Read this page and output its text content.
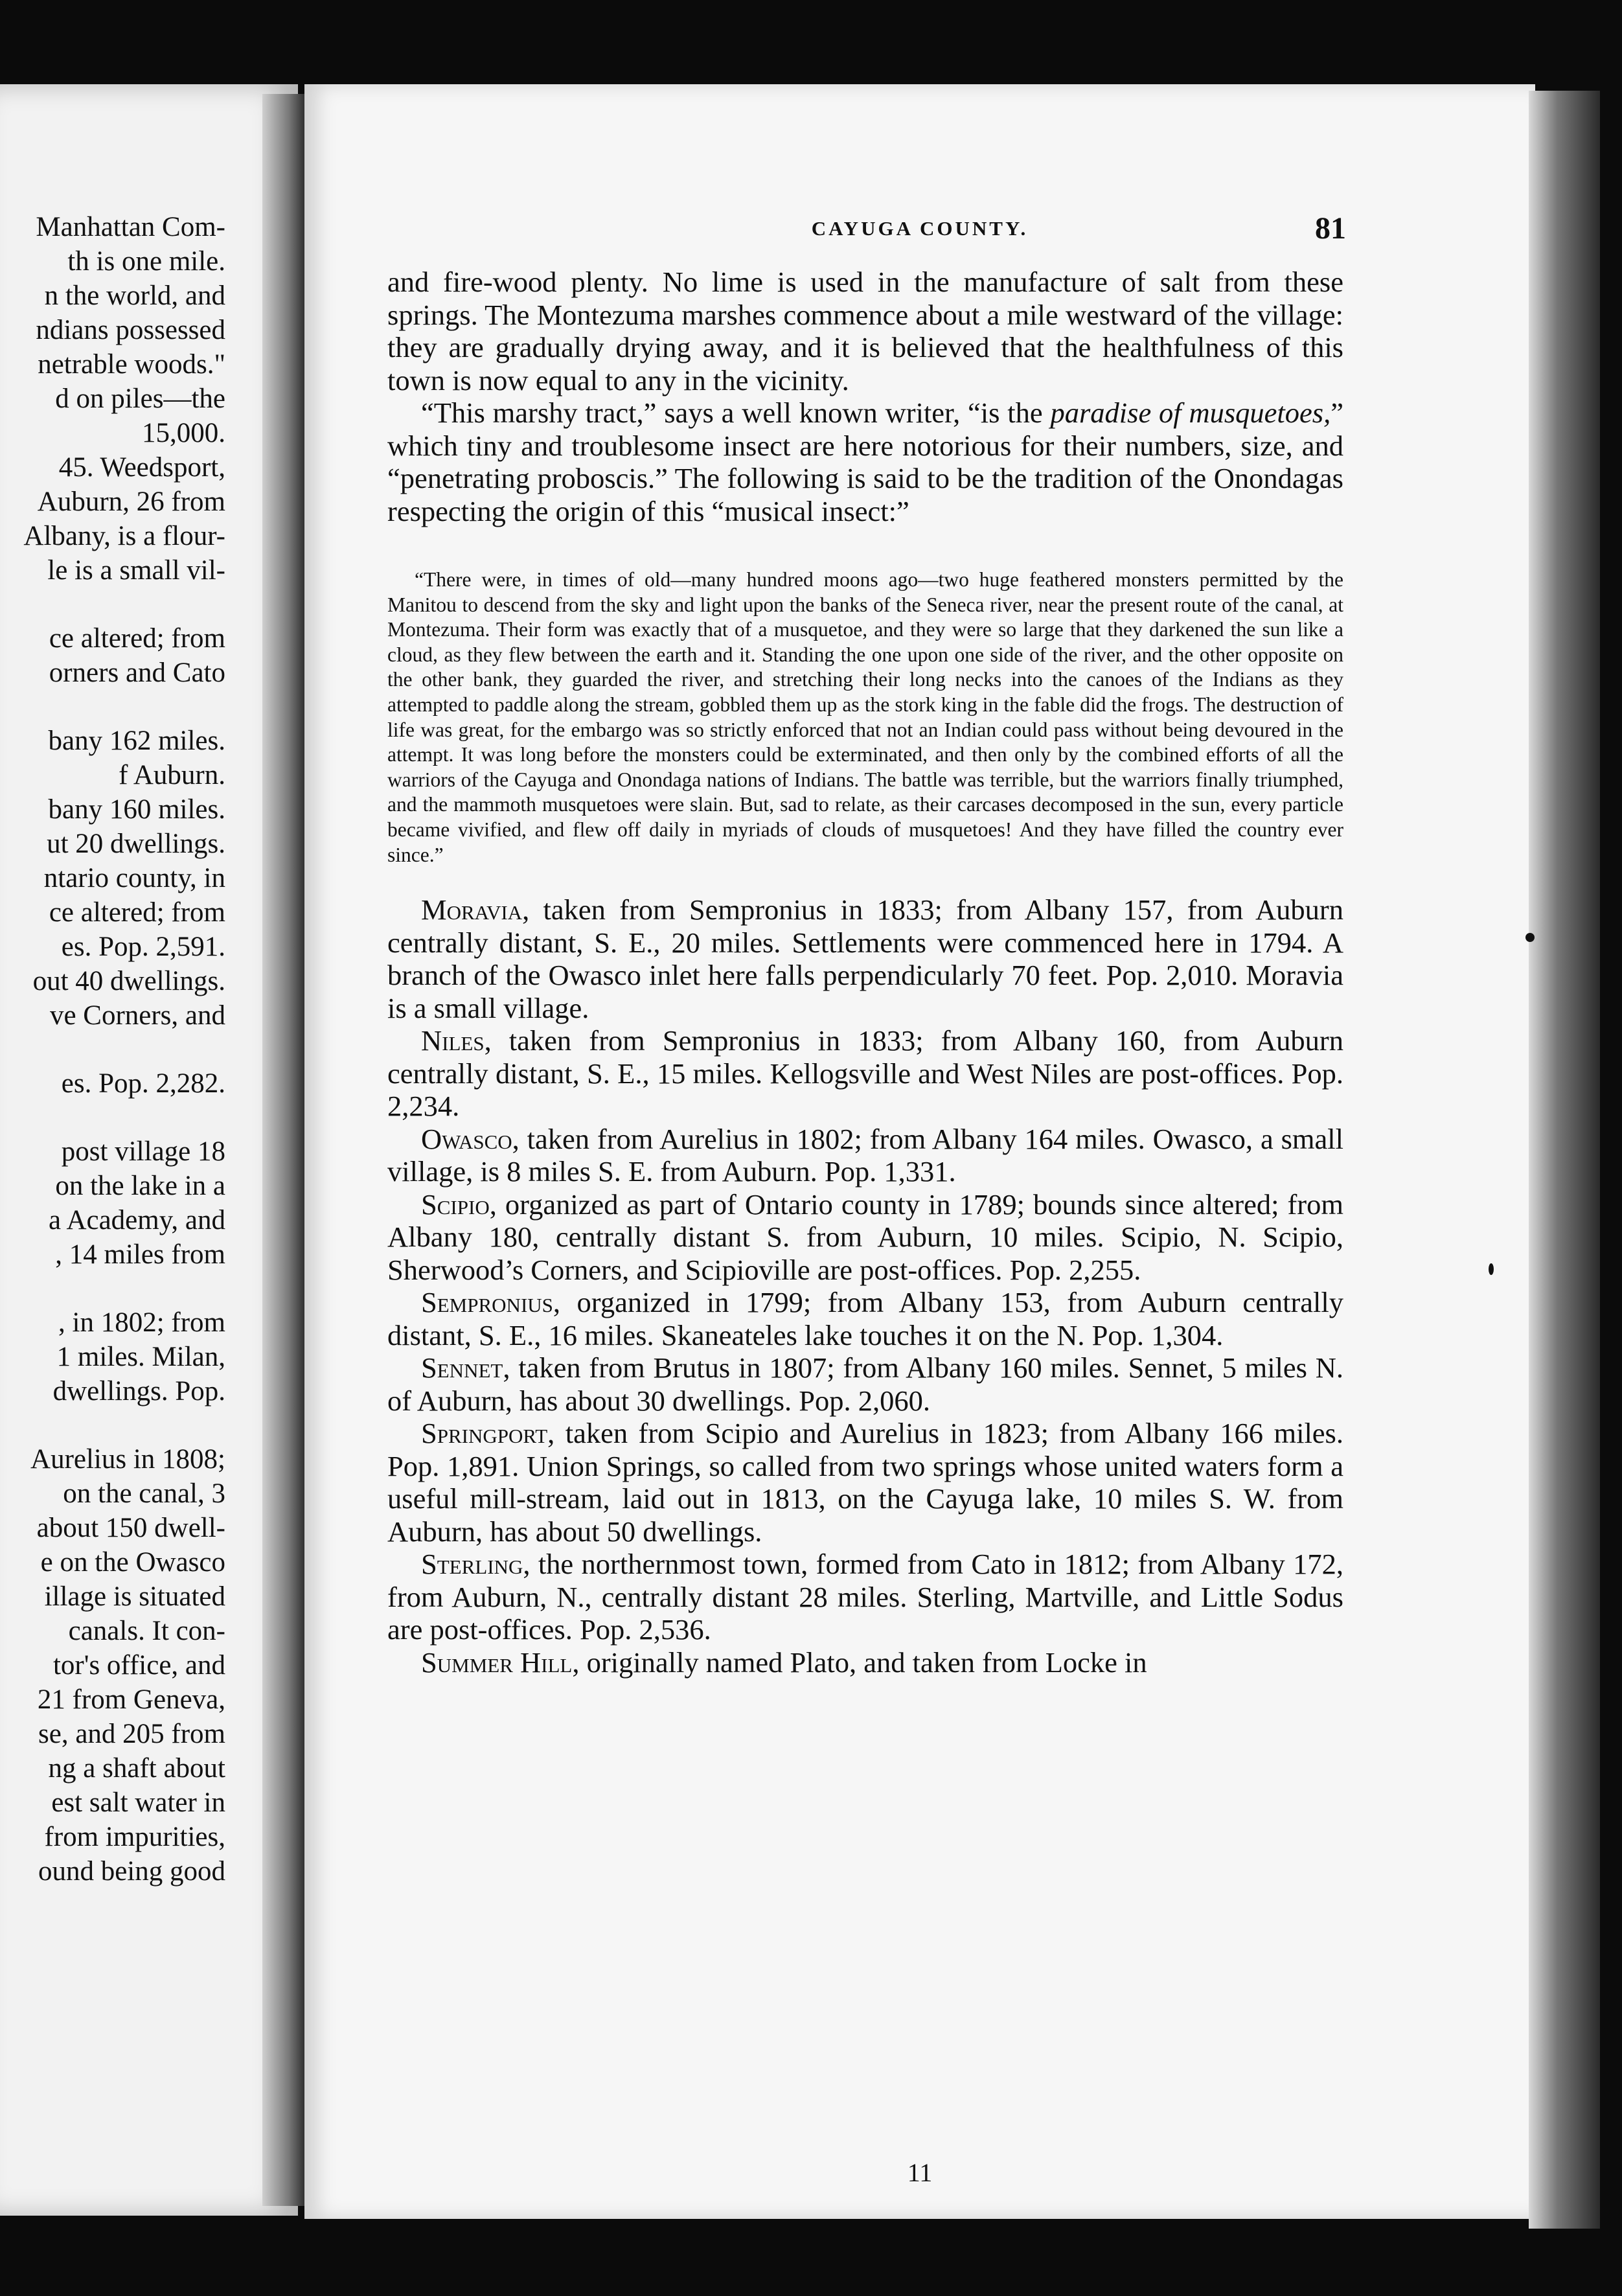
Manhattan Com-
th is one mile.
n the world, and
ndians possessed
netrable woods."
d on piles—the
15,000.
45. Weedsport,
Auburn, 26 from
Albany, is a flour-
le is a small vil-
ce altered; from
orners and Cato
bany 162 miles.
f Auburn.
bany 160 miles.
ut 20 dwellings.
ntario county, in
ce altered; from
es. Pop. 2,591.
out 40 dwellings.
ve Corners, and
es. Pop. 2,282.
post village 18
on the lake in a
a Academy, and
, 14 miles from
, in 1802; from
1 miles. Milan,
dwellings. Pop.
Aurelius in 1808;
on the canal, 3
about 150 dwell-
e on the Owasco
illage is situated
canals. It con-
tor's office, and
21 from Geneva,
se, and 205 from
ng a shaft about
est salt water in
from impurities,
ound being good
CAYUGA COUNTY.	81

and fire-wood plenty. No lime is used in the manufacture of salt from these springs. The Montezuma marshes commence about a mile westward of the village: they are gradually drying away, and it is believed that the healthfulness of this town is now equal to any in the vicinity.

“This marshy tract,” says a well known writer, “is the paradise of musquetoes,” which tiny and troublesome insect are here notorious for their numbers, size, and “penetrating proboscis.” The following is said to be the tradition of the Onondagas respecting the origin of this “musical insect:”

“There were, in times of old—many hundred moons ago—two huge feathered monsters permitted by the Manitou to descend from the sky and light upon the banks of the Seneca river, near the present route of the canal, at Montezuma. Their form was exactly that of a musquetoe, and they were so large that they darkened the sun like a cloud, as they flew between the earth and it. Standing the one upon one side of the river, and the other opposite on the other bank, they guarded the river, and stretching their long necks into the canoes of the Indians as they attempted to paddle along the stream, gobbled them up as the stork king in the fable did the frogs. The destruction of life was great, for the embargo was so strictly enforced that not an Indian could pass without being devoured in the attempt. It was long before the monsters could be exterminated, and then only by the combined efforts of all the warriors of the Cayuga and Onondaga nations of Indians. The battle was terrible, but the warriors finally triumphed, and the mammoth musquetoes were slain. But, sad to relate, as their carcases decomposed in the sun, every particle became vivified, and flew off daily in myriads of clouds of musquetoes! And they have filled the country ever since.”

Moravia, taken from Sempronius in 1833; from Albany 157, from Auburn centrally distant, S. E., 20 miles. Settlements were commenced here in 1794. A branch of the Owasco inlet here falls perpendicularly 70 feet. Pop. 2,010. Moravia is a small village.

Niles, taken from Sempronius in 1833; from Albany 160, from Auburn centrally distant, S. E., 15 miles. Kellogsville and West Niles are post-offices. Pop. 2,234.

Owasco, taken from Aurelius in 1802; from Albany 164 miles. Owasco, a small village, is 8 miles S. E. from Auburn. Pop. 1,331.

Scipio, organized as part of Ontario county in 1789; bounds since altered; from Albany 180, centrally distant S. from Auburn, 10 miles. Scipio, N. Scipio, Sherwood’s Corners, and Scipioville are post-offices. Pop. 2,255.

Sempronius, organized in 1799; from Albany 153, from Auburn centrally distant, S. E., 16 miles. Skaneateles lake touches it on the N. Pop. 1,304.

Sennet, taken from Brutus in 1807; from Albany 160 miles. Sennet, 5 miles N. of Auburn, has about 30 dwellings. Pop. 2,060.

Springport, taken from Scipio and Aurelius in 1823; from Albany 166 miles. Pop. 1,891. Union Springs, so called from two springs whose united waters form a useful mill-stream, laid out in 1813, on the Cayuga lake, 10 miles S. W. from Auburn, has about 50 dwellings.

Sterling, the northernmost town, formed from Cato in 1812; from Albany 172, from Auburn, N., centrally distant 28 miles. Sterling, Martville, and Little Sodus are post-offices. Pop. 2,536.

Summer Hill, originally named Plato, and taken from Locke in

11
